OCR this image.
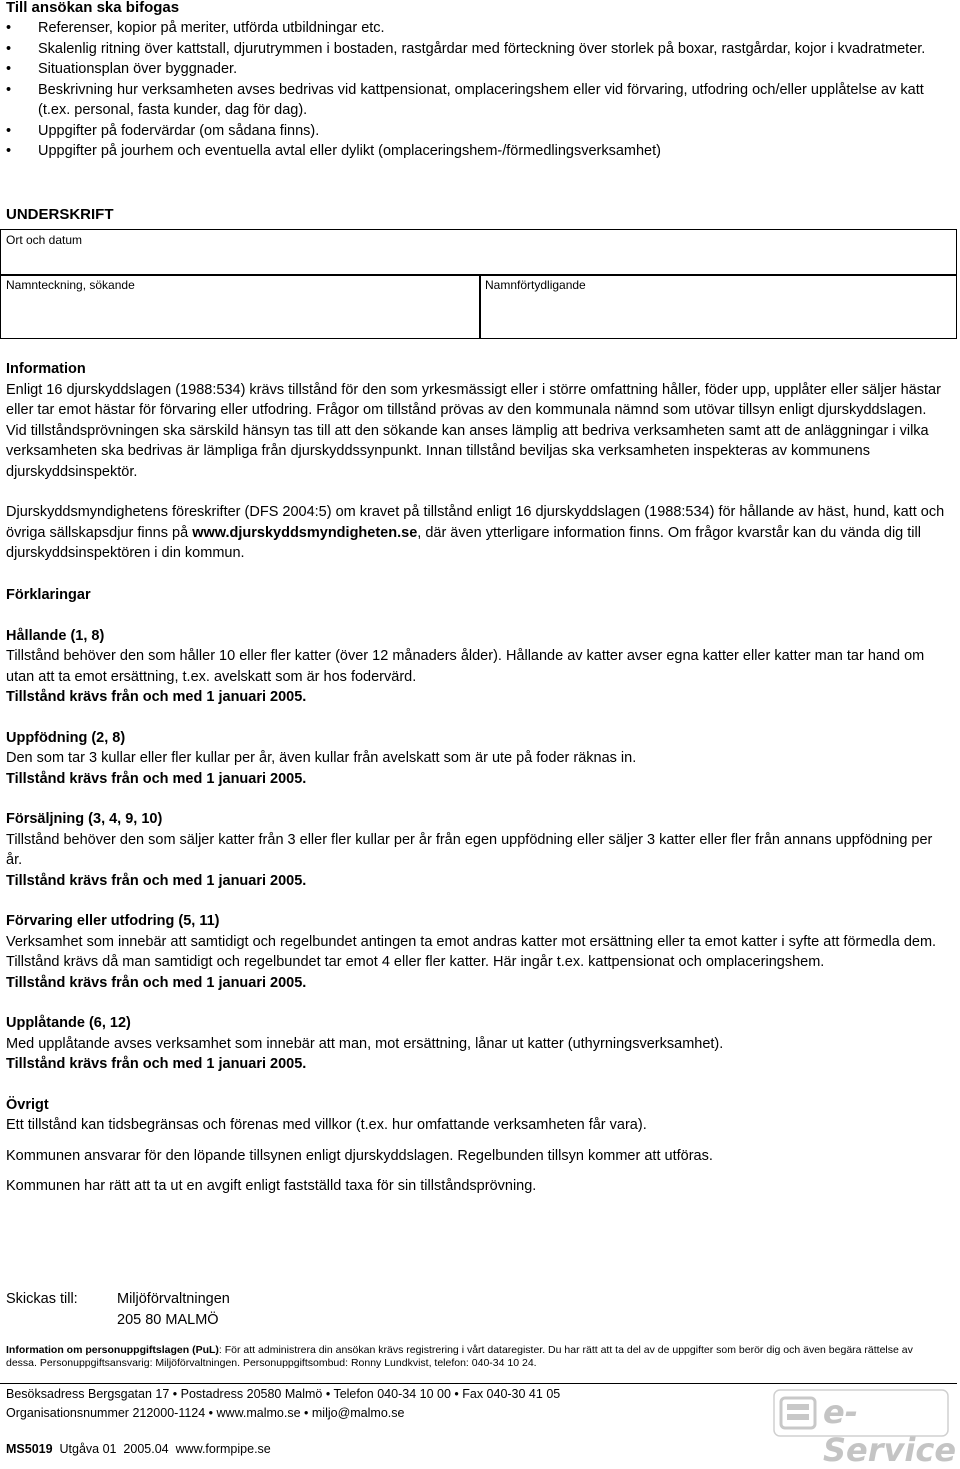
Till ansökan ska bifogas
•	Referenser, kopior på meriter, utförda utbildningar etc.
•	Skalenlig ritning över kattstall, djurutrymmen i bostaden, rastgårdar med förteckning över storlek på boxar, rastgårdar, kojor i kvadratmeter.
•	Situationsplan över byggnader.
•	Beskrivning hur verksamheten avses bedrivas vid kattpensionat, omplaceringshem eller vid förvaring, utfodring och/eller upplåtelse av katt (t.ex. personal, fasta kunder, dag för dag).
•	Uppgifter på fodervärdar (om sådana finns).
•	Uppgifter på jourhem och eventuella avtal eller dylikt (omplaceringshem-/förmedlingsverksamhet)
UNDERSKRIFT
Ort och datum
Namnteckning, sökande	Namnförtydligande
Information

Enligt 16 djurskyddslagen (1988:534) krävs tillstånd för den som yrkesmässigt eller i större omfattning håller, föder upp, upplåter eller säljer hästar eller tar emot hästar för förvaring eller utfodring. Frågor om tillstånd prövas av den kommunala nämnd som utövar tillsyn enligt djurskyddslagen. Vid tillståndsprövningen ska särskild hänsyn tas till att den sökande kan anses lämplig att bedriva verksamheten samt att de anläggningar i vilka verksamheten ska bedrivas är lämpliga från djurskyddssynpunkt. Innan tillstånd beviljas ska verksamheten inspekteras av kommunens djurskyddsinspektör.

Djurskyddsmyndighetens föreskrifter (DFS 2004:5) om kravet på tillstånd enligt 16 djurskyddslagen (1988:534) för hållande av häst, hund, katt och övriga sällskapsdjur finns på www.djurskyddsmyndigheten.se, där även ytterligare information finns. Om frågor kvarstår kan du vända dig till djurskyddsinspektören i din kommun.

Förklaringar
Hållande (1, 8)

Tillstånd behöver den som håller 10 eller fler katter (över 12 månaders ålder). Hållande av katter avser egna katter eller katter man tar hand om utan att ta emot ersättning, t.ex. avelskatt som är hos fodervärd.

Tillstånd krävs från och med 1 januari 2005.
Uppfödning (2, 8)

Den som tar 3 kullar eller fler kullar per år, även kullar från avelskatt som är ute på foder räknas in.

Tillstånd krävs från och med 1 januari 2005.
Försäljning (3, 4, 9, 10)

Tillstånd behöver den som säljer katter från 3 eller fler kullar per år från egen uppfödning eller säljer 3 katter eller fler från annans uppfödning per år.

Tillstånd krävs från och med 1 januari 2005.
Förvaring eller utfodring (5, 11)

Verksamhet som innebär att samtidigt och regelbundet antingen ta emot andras katter mot ersättning eller ta emot katter i syfte att förmedla dem. Tillstånd krävs då man samtidigt och regelbundet tar emot 4 eller fler katter. Här ingår t.ex. kattpensionat och omplaceringshem.

Tillstånd krävs från och med 1 januari 2005.
Upplåtande (6, 12)

Med upplåtande avses verksamhet som innebär att man, mot ersättning, lånar ut katter (uthyrningsverksamhet).

Tillstånd krävs från och med 1 januari 2005.
Övrigt

Ett tillstånd kan tidsbegränsas och förenas med villkor (t.ex. hur omfattande verksamheten får vara).

Kommunen ansvarar för den löpande tillsynen enligt djurskyddslagen. Regelbunden tillsyn kommer att utföras.

Kommunen har rätt att ta ut en avgift enligt fastställd taxa för sin tillståndsprövning.

Skickas till:	Miljöförvaltningen
205 80 MALMÖ

Information om personuppgiftslagen (PuL): För att administrera din ansökan krävs registrering i vårt dataregister. Du har rätt att ta del av de uppgifter som berör dig och även begära rättelse av dessa. Personuppgiftsansvarig: Miljöförvaltningen. Personuppgiftsombud: Ronny Lundkvist, telefon: 040-34 10 24.

Besöksadress Bergsgatan 17 • Postadress 20580 Malmö • Telefon 040-34 10 00 • Fax 040-30 41 05
Organisationsnummer 212000-1124 • www.malmo.se • miljo@malmo.se
MS5019  Utgåva 01  2005.04  www.formpipe.se
e-Service
